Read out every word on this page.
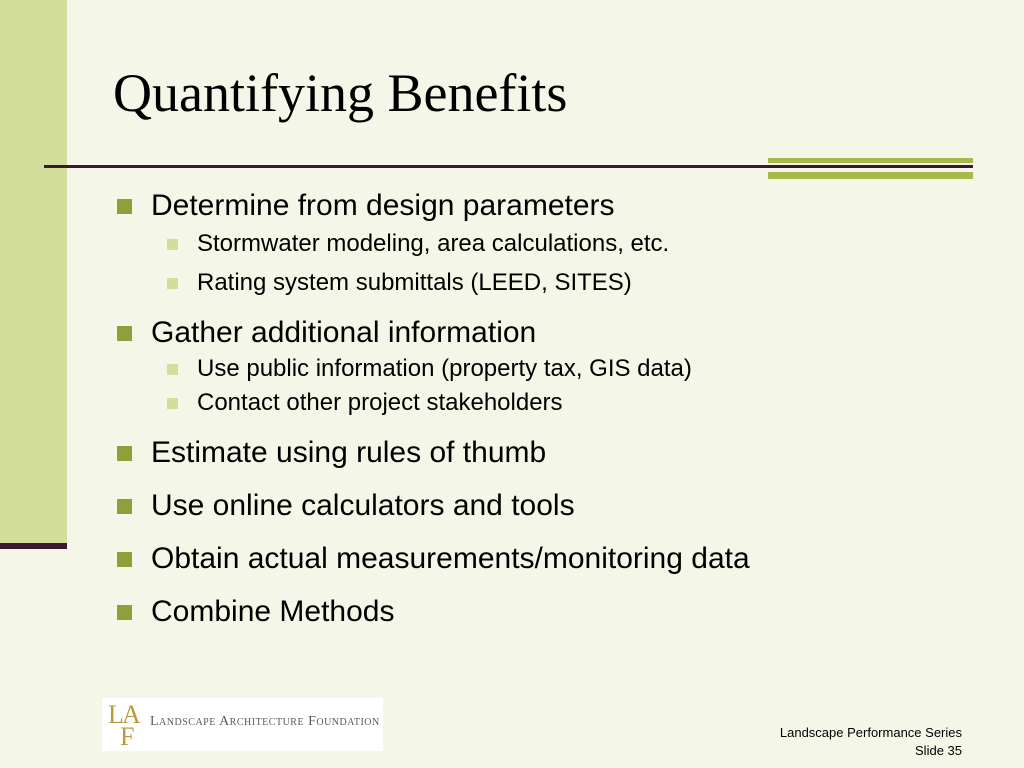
Quantifying Benefits
Determine from design parameters
Stormwater modeling, area calculations, etc.
Rating system submittals (LEED, SITES)
Gather additional information
Use public information (property tax, GIS data)
Contact other project stakeholders
Estimate using rules of thumb
Use online calculators and tools
Obtain actual measurements/monitoring data
Combine Methods
L
A
F
Landscape Architecture Foundation
Landscape Performance Series
Slide 35
